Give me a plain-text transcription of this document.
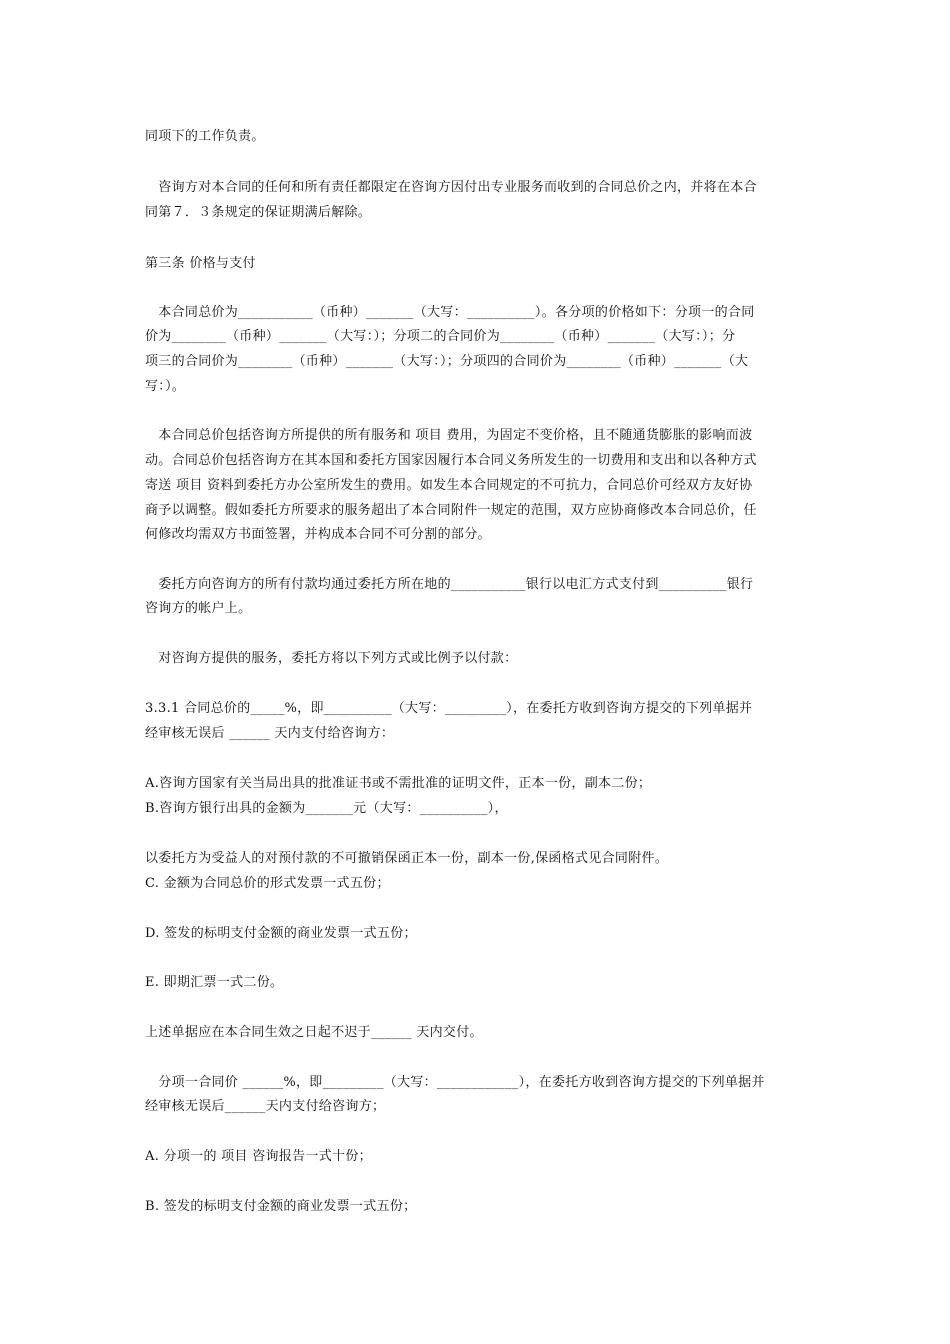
同项下的工作负责。
　咨询方对本合同的任何和所有责任都限定在咨询方因付出专业服务而收到的合同总价之内，并将在本合
同第７．３条规定的保证期满后解除。
第三条 价格与支付
　本合同总价为___________（币种）_______（大写：__________）。各分项的价格如下：分项一的合同
价为________（币种）_______（大写：）；分项二的合同价为________（币种）_______（大写：）；分
项三的合同价为________（币种）_______（大写：）；分项四的合同价为________（币种）_______（大
写：）。
　本合同总价包括咨询方所提供的所有服务和 项目 费用，为固定不变价格，且不随通货膨胀的影响而波
动。合同总价包括咨询方在其本国和委托方国家因履行本合同义务所发生的一切费用和支出和以各种方式
寄送 项目 资料到委托方办公室所发生的费用。如发生本合同规定的不可抗力，合同总价可经双方友好协
商予以调整。假如委托方所要求的服务超出了本合同附件一规定的范围，双方应协商修改本合同总价，任
何修改均需双方书面签署，并构成本合同不可分割的部分。
　委托方向咨询方的所有付款均通过委托方所在地的___________银行以电汇方式支付到__________银行
咨询方的帐户上。
　对咨询方提供的服务，委托方将以下列方式或比例予以付款：
3.3.1 合同总价的_____%，即__________（大写：_________），在委托方收到咨询方提交的下列单据并
经审核无误后 ______ 天内支付给咨询方：
A.咨询方国家有关当局出具的批准证书或不需批准的证明文件，正本一份，副本二份；
B.咨询方银行出具的金额为_______元（大写：__________），
以委托方为受益人的对预付款的不可撤销保函正本一份，副本一份,保函格式见合同附件。
C. 金额为合同总价的形式发票一式五份；
D. 签发的标明支付金额的商业发票一式五份；
E. 即期汇票一式二份。
上述单据应在本合同生效之日起不迟于______ 天内交付。
　分项一合同价 ______%，即_________（大写：____________），在委托方收到咨询方提交的下列单据并
经审核无误后______天内支付给咨询方；
A. 分项一的 项目 咨询报告一式十份；
B. 签发的标明支付金额的商业发票一式五份；
